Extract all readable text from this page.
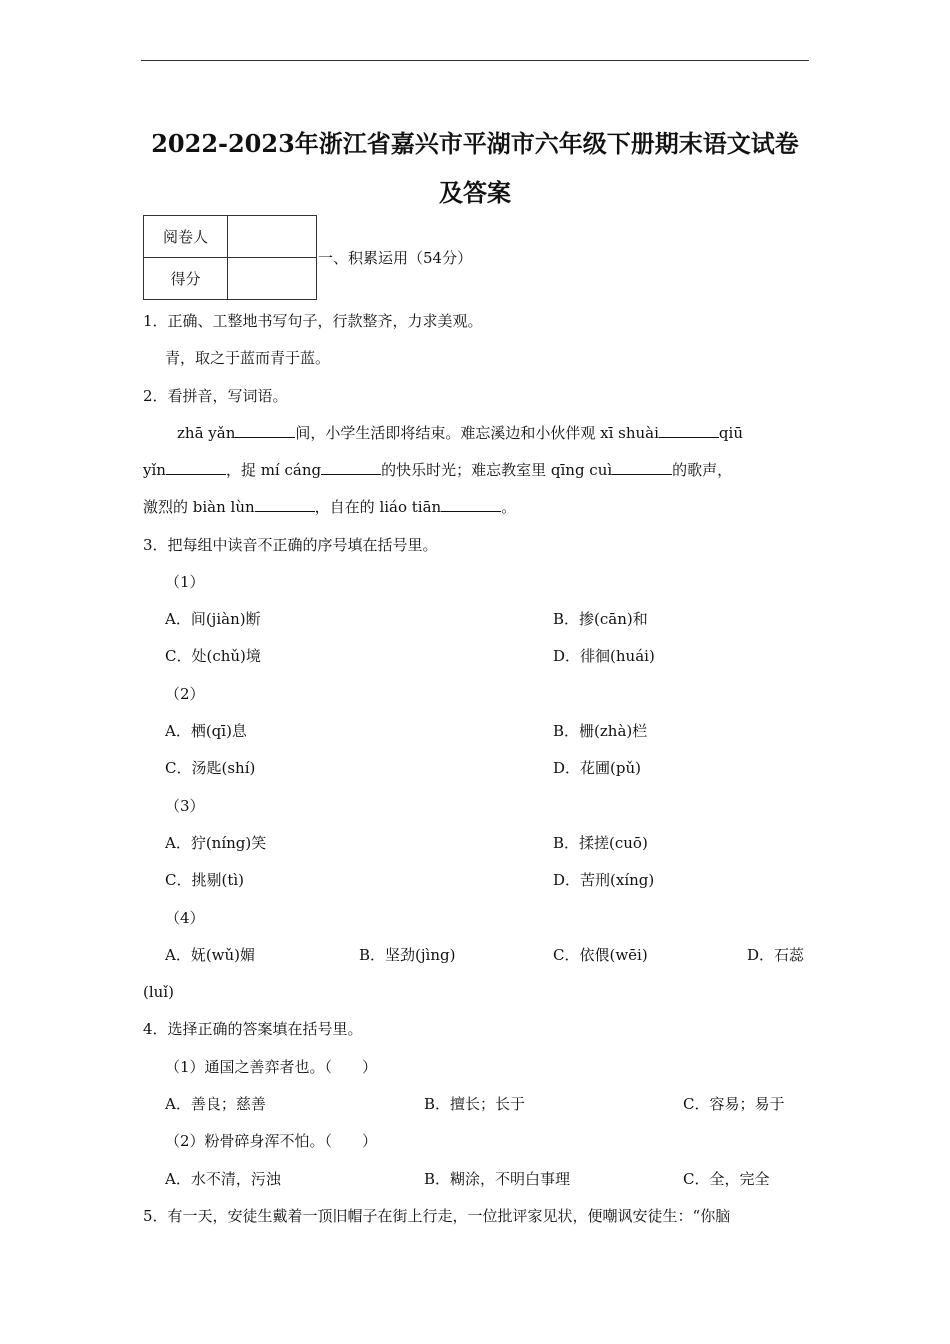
2022-2023年浙江省嘉兴市平湖市六年级下册期末语文试卷
及答案
阅卷人	
得分	
一、积累运用（54分）
1．正确、工整地书写句子，行款整齐，力求美观。
青，取之于蓝而青于蓝。
2．看拼音，写词语。
zhā yǎn	间，小学生活即将结束。难忘溪边和小伙伴观 xī shuài	qiū
yǐn	，捉 mí cáng	的快乐时光；难忘教室里 qīng cuì	的歌声，
激烈的 biàn lùn	，自在的 liáo tiān	。
3．把每组中读音不正确的序号填在括号里。
（1）
A．间(jiàn)断	B．掺(cān)和
C．处(chǔ)境	D．徘徊(huái)
（2）
A．栖(qī)息	B．栅(zhà)栏
C．汤匙(shí)	D．花圃(pǔ)
（3）
A．狞(níng)笑	B．揉搓(cuō)
C．挑剔(tì)	D．苦刑(xíng)
（4）
A．妩(wǔ)媚	B．坚劲(jìng)	C．依偎(wēi)	D．石蕊
(luǐ)
4．选择正确的答案填在括号里。
（1）通国之善弈者也。（　　）
A．善良；慈善	B．擅长；长于	C．容易；易于
（2）粉骨碎身浑不怕。（　　）
A．水不清，污浊	B．糊涂，不明白事理	C．全，完全
5．有一天，安徒生戴着一顶旧帽子在街上行走，一位批评家见状，便嘲讽安徒生：“你脑
